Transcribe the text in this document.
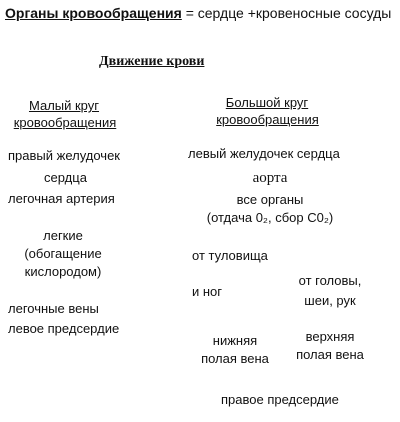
Органы кровообращения = сердце +кровеносные сосуды
Движение крови
Малый круг
кровообращения
правый желудочек
сердца
легочная артерия
легкие
(обогащение
кислородом)
легочные вены
левое предсердие
Большой круг
кровообращения
левый желудочек сердца
аорта
все органы
(отдача 0₂, сбор С0₂)
от туловища
и ног
от головы,
шеи, рук
нижняя
полая вена
верхняя
полая вена
правое предсердие
